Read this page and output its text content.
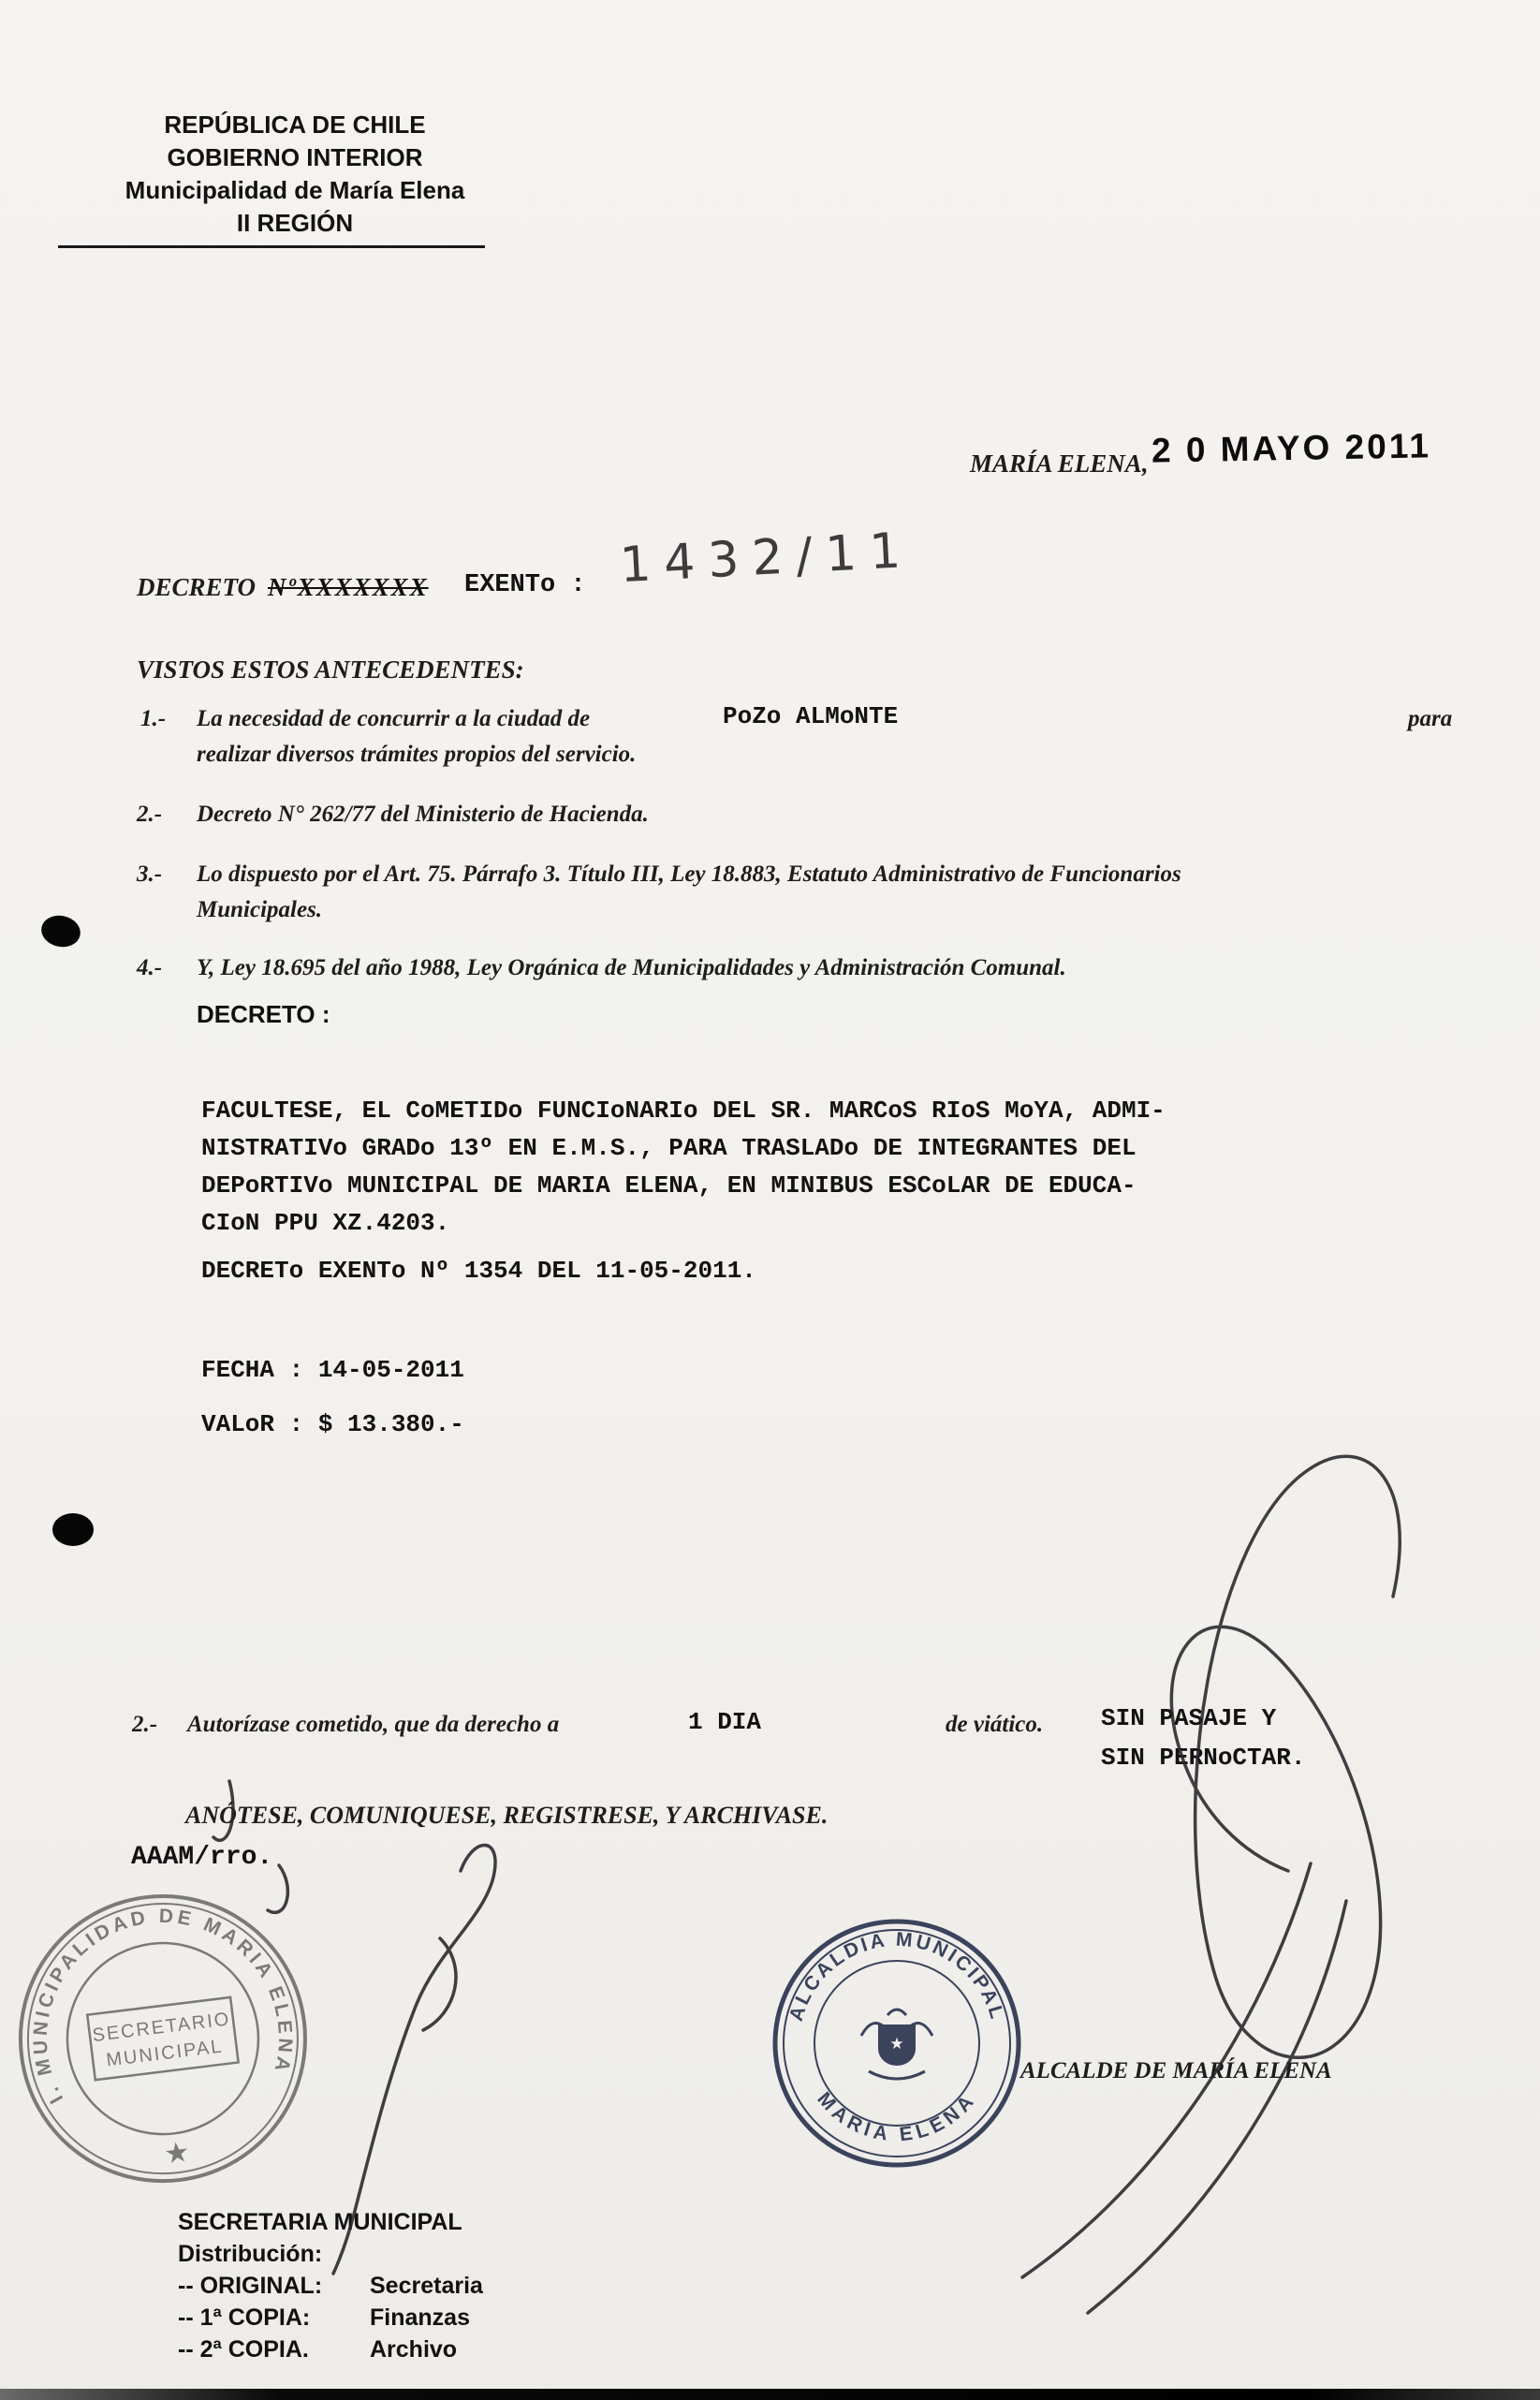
REPÚBLICA DE CHILE
GOBIERNO INTERIOR
Municipalidad de María Elena
II REGIÓN
MARÍA ELENA, 2 0 MAYO 2011
DECRETO NºXXXXXXX EXENTo : 1432/11
VISTOS ESTOS ANTECEDENTES:
1.- La necesidad de concurrir a la ciudad de	PoZo ALMoNTE	para
realizar diversos trámites propios del servicio.
2.- Decreto N° 262/77 del Ministerio de Hacienda.
3.- Lo dispuesto por el Art. 75. Párrafo 3. Título III, Ley 18.883, Estatuto Administrativo de Funcionarios
Municipales.
4.- Y, Ley 18.695 del año 1988, Ley Orgánica de Municipalidades y Administración Comunal.
DECRETO :
FACULTESE, EL CoMETIDo FUNCIoNARIo DEL SR. MARCoS RIoS MoYA, ADMI-
NISTRATIVo GRADo 13º EN E.M.S., PARA TRASLADo DE INTEGRANTES DEL
DEPoRTIVo MUNICIPAL DE MARIA ELENA, EN MINIBUS ESCoLAR DE EDUCA-
CIoN PPU XZ.4203.
DECRETo EXENTo Nº 1354 DEL 11-05-2011.
FECHA : 14-05-2011
VALoR : $ 13.380.-
2.- Autorízase cometido, que da derecho a	1 DIA	de viático. SIN PASAJE Y
SIN PERNoCTAR.
ANÓTESE, COMUNIQUESE, REGISTRESE, Y ARCHIVASE.
AAAM/rro.
I. MUNICIPALIDAD DE MARIA ELENA
SECRETARIO
MUNICIPAL
★
ALCALDIA MUNICIPAL
MARIA ELENA
★
ALCALDE DE MARÍA ELENA
SECRETARIA MUNICIPAL
Distribución:
-- ORIGINAL: Secretaria
-- 1ª COPIA:	Finanzas
-- 2ª COPIA.	Archivo
